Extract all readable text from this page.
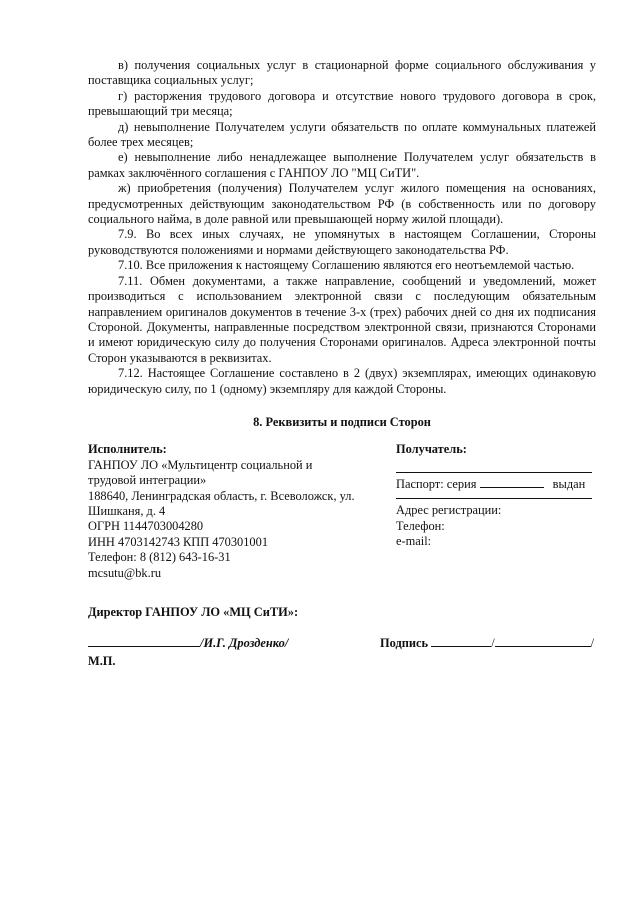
в) получения социальных услуг в стационарной форме социального обслуживания у поставщика социальных услуг;

г) расторжения трудового договора и отсутствие нового трудового договора в срок, превышающий три месяца;

д) невыполнение Получателем услуги обязательств по оплате коммунальных платежей более трех месяцев;

е) невыполнение либо ненадлежащее выполнение Получателем услуг обязательств в рамках заключённого соглашения с ГАНПОУ ЛО "МЦ СиТИ".

ж) приобретения (получения) Получателем услуг жилого помещения на основаниях, предусмотренных действующим законодательством РФ (в собственность или по договору социального найма, в доле равной или превышающей норму жилой площади).

7.9. Во всех иных случаях, не упомянутых в настоящем Соглашении, Стороны руководствуются положениями и нормами действующего законодательства РФ.

7.10. Все приложения к настоящему Соглашению являются его неотъемлемой частью.

7.11. Обмен документами, а также направление, сообщений и уведомлений, может производиться с использованием электронной связи с последующим обязательным направлением оригиналов документов в течение 3-х (трех) рабочих дней со дня их подписания Стороной. Документы, направленные посредством электронной связи, признаются Сторонами и имеют юридическую силу до получения Сторонами оригиналов. Адреса электронной почты Сторон указываются в реквизитах.

7.12. Настоящее Соглашение составлено в 2 (двух) экземплярах, имеющих одинаковую юридическую силу, по 1 (одному) экземпляру для каждой Стороны.

8. Реквизиты и подписи Сторон
Исполнитель:
ГАНПОУ ЛО «Мультицентр социальной и трудовой интеграции»
188640, Ленинградская область, г. Всеволожск, ул. Шишканя, д. 4
ОГРН 1144703004280
ИНН 4703142743 КПП 470301001
Телефон: 8 (812) 643-16-31
mcsutu@bk.ru
Получатель:
Паспорт: серия	выдан
Адрес регистрации:
Телефон:
e-mail:
Директор ГАНПОУ ЛО «МЦ СиТИ»:
/И.Г. Дрозденко/	Подпись	/	/
М.П.
